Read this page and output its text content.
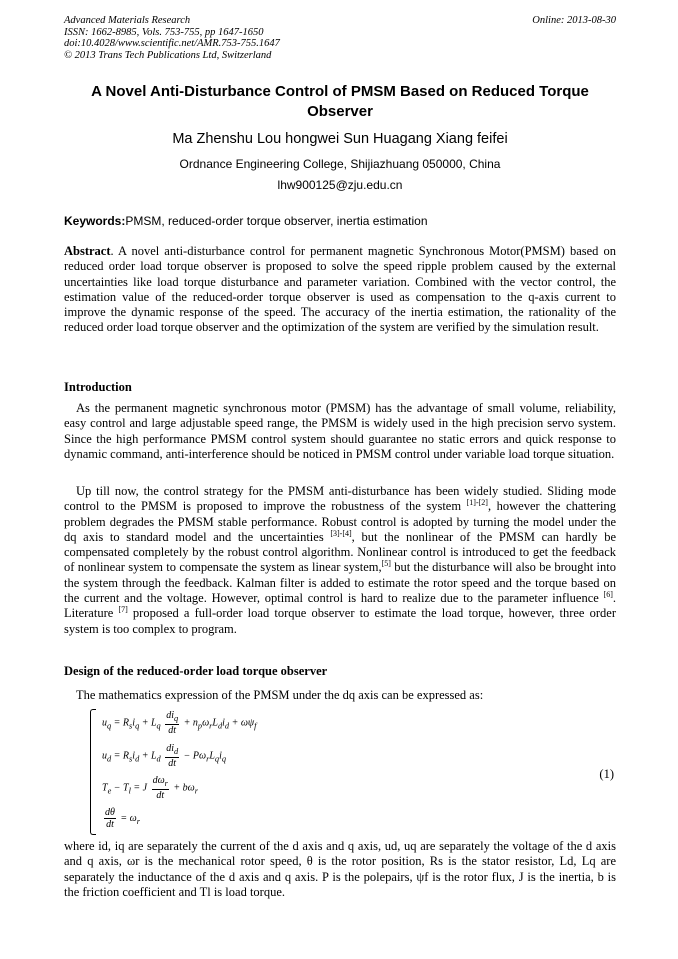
Advanced Materials Research
ISSN: 1662-8985, Vols. 753-755, pp 1647-1650
doi:10.4028/www.scientific.net/AMR.753-755.1647
© 2013 Trans Tech Publications Ltd, Switzerland
Online: 2013-08-30
A Novel Anti-Disturbance Control of PMSM Based on Reduced Torque Observer
Ma Zhenshu Lou hongwei Sun Huagang Xiang feifei
Ordnance Engineering College, Shijiazhuang 050000, China
lhw900125@zju.edu.cn
Keywords:PMSM, reduced-order torque observer, inertia estimation
Abstract. A novel anti-disturbance control for permanent magnetic Synchronous Motor(PMSM) based on reduced order load torque observer is proposed to solve the speed ripple problem caused by the external uncertainties like load torque disturbance and parameter variation. Combined with the vector control, the estimation value of the reduced-order torque observer is used as compensation to the q-axis current to improve the dynamic response of the speed. The accuracy of the inertia estimation, the rationality of the reduced order load torque observer and the optimization of the system are verified by the simulation result.
Introduction
As the permanent magnetic synchronous motor (PMSM) has the advantage of small volume, reliability, easy control and large adjustable speed range, the PMSM is widely used in the high precision servo system. Since the high performance PMSM control system should guarantee no static errors and quick response to dynamic command, anti-interference should be noticed in PMSM control under variable load torque situation.
Up till now, the control strategy for the PMSM anti-disturbance has been widely studied. Sliding mode control to the PMSM is proposed to improve the robustness of the system [1]-[2], however the chattering problem degrades the PMSM stable performance. Robust control is adopted by turning the model under the dq axis to standard model and the uncertainties [3]-[4], but the nonlinear of the PMSM can hardly be compensated completely by the robust control algorithm. Nonlinear control is introduced to get the feedback of nonlinear system to compensate the system as linear system,[5] but the disturbance will also be brought into the system through the feedback. Kalman filter is added to estimate the rotor speed and the torque based on the current and the voltage. However, optimal control is hard to realize due to the parameter influence [6]. Literature [7] proposed a full-order load torque observer to estimate the load torque, however, three order system is too complex to program.
Design of the reduced-order load torque observer
The mathematics expression of the PMSM under the dq axis can be expressed as:
$u_q = R_si_q + L_q \frac{di_q}{dt} + n_p\omega_rL_di_d + \omega\psi_f$
$u_d = R_si_d + L_d \frac{di_d}{dt} - P\omega_rL_qi_q$
$T_e - T_l = J \frac{d\omega_r}{dt} + b\omega_r$
$\frac{d\theta}{dt} = \omega_r$
(1)
where id, iq are separately the current of the d axis and q axis, ud, uq are separately the voltage of the d axis and q axis, ωr is the mechanical rotor speed, θ is the rotor position, Rs is the stator resistor, Ld, Lq are separately the inductance of the d axis and q axis. P is the polepairs, ψf is the rotor flux, J is the inertia, b is the friction coefficient and Tl is load torque.
